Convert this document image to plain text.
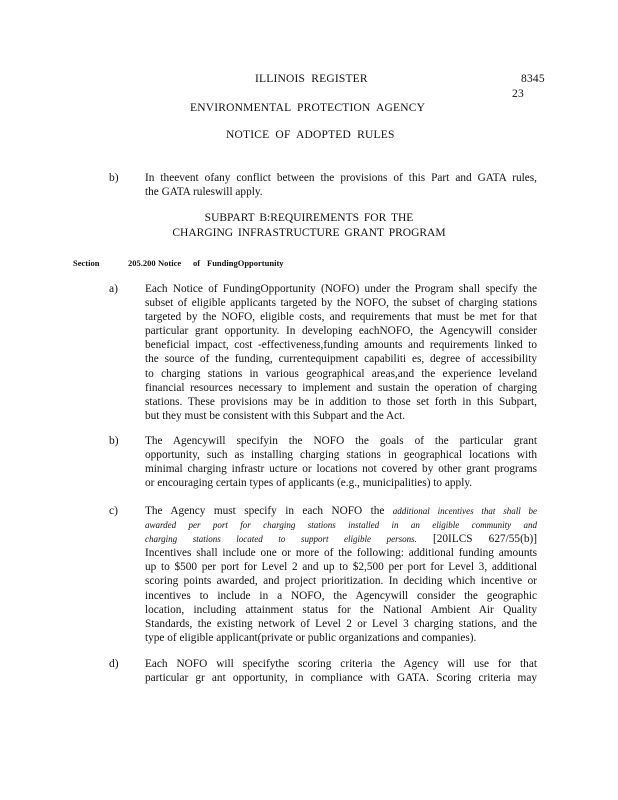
ILLINOIS REGISTER	8345

23

ENVIRONMENTAL PROTECTION AGENCY

NOTICE OF ADOPTED RULES

b) In theevent ofany conflict between the provisions of this Part and GATA rules,
the GATA ruleswill apply.

SUBPART B:REQUIREMENTS FOR THE

CHARGING INFRASTRUCTURE GRANT PROGRAM

Section	205.200 Notice of FundingOpportunity

a) Each Notice of FundingOpportunity (NOFO) under the Program shall specify the
subset of eligible applicants targeted by the NOFO, the subset of charging stations
targeted by the NOFO, eligible costs, and requirements that must be met for that
particular grant opportunity. In developing eachNOFO, the Agencywill consider
beneficial impact, cost -effectiveness,funding amounts and requirements linked to
the source of the funding, currentequipment capabiliti es, degree of accessibility
to charging stations in various geographical areas,and the experience leveland
financial resources necessary to implement and sustain the operation of charging
stations. These provisions may be in addition to those set forth in this Subpart,
but they must be consistent with this Subpart and the Act.

b) The Agencywill specifyin the NOFO the goals of the particular grant
opportunity, such as installing charging stations in geographical locations with
minimal charging infrastr ucture or locations not covered by other grant programs
or encouraging certain types of applicants (e.g., municipalities) to apply.

c) The Agency must specify in each NOFO the additional incentives that shall be
awarded per port for charging stations installed in an eligible community and
charging stations located to support eligible persons. [20ILCS 627/55(b)]
Incentives shall include one or more of the following: additional funding amounts
up to $500 per port for Level 2 and up to $2,500 per port for Level 3, additional
scoring points awarded, and project prioritization. In deciding which incentive or
incentives to include in a NOFO, the Agencywill consider the geographic
location, including attainment status for the National Ambient Air Quality
Standards, the existing network of Level 2 or Level 3 charging stations, and the
type of eligible applicant(private or public organizations and companies).

d) Each NOFO will specifythe scoring criteria the Agency will use for that
particular gr ant opportunity, in compliance with GATA. Scoring criteria may
